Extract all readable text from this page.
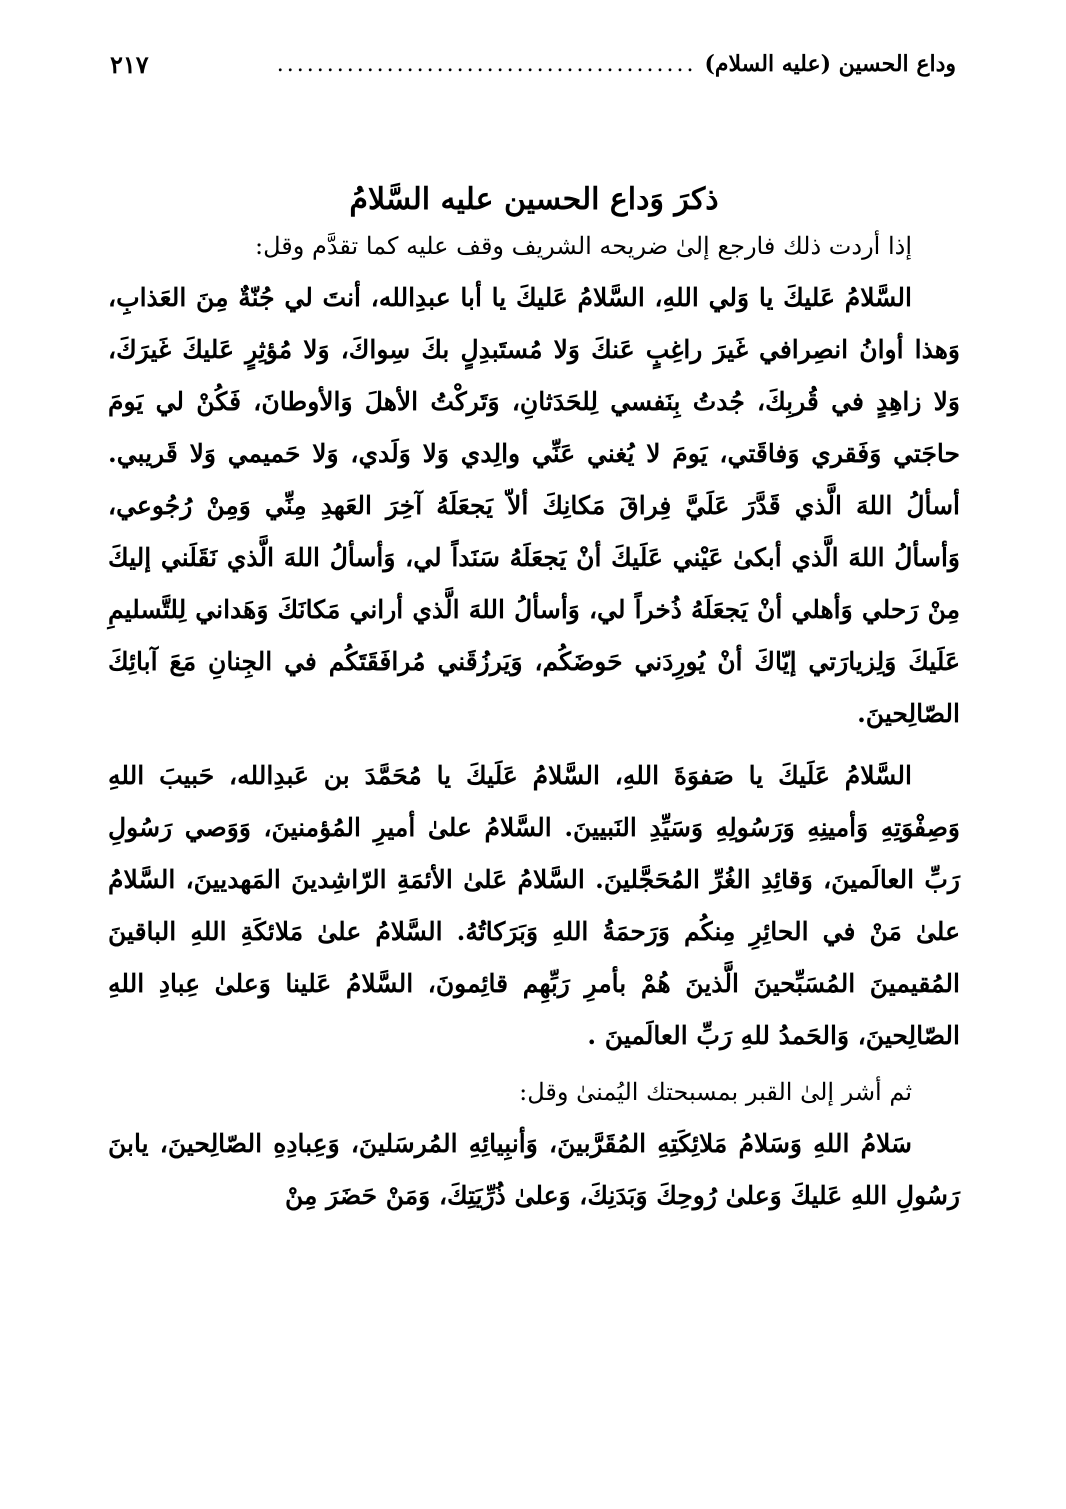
وداع الحسين (عليه السلام)
..........................................
٢١٧
ذكرَ وَداع الحسين عليه السَّلامُ

إذا أردت ذلك فارجع إلىٰ ضريحه الشريف وقف عليه كما تقدَّم وقل:

السَّلامُ عَليكَ يا وَلي اللهِ، السَّلامُ عَليكَ يا أبا عبدِالله، أنتَ لي جُنّةٌ مِنَ العَذابِ، وَهذا أوانُ انصِرافي غَيرَ راغِبٍ عَنكَ وَلا مُستَبدِلٍ بكَ سِواكَ، وَلا مُؤثِرٍ عَليكَ غَيرَكَ، وَلا زاهِدٍ في قُربِكَ، جُدتُ بِنَفسي لِلحَدَثانِ، وَتَركْتُ الأهلَ وَالأوطانَ، فَكُنْ لي يَومَ حاجَتي وَفَقري وَفاقَتي، يَومَ لا يُغني عَنِّي والِدي وَلا وَلَدي، وَلا حَميمي وَلا قَريبي. أسألُ اللهَ الَّذي قَدَّرَ عَلَيَّ فِراقَ مَكانِكَ ألاّ يَجعَلَهُ آخِرَ العَهدِ مِنِّي وَمِنْ رُجُوعي، وَأسألُ اللهَ الَّذي أبكىٰ عَيْني عَلَيكَ أنْ يَجعَلَهُ سَنَداً لي، وَأسألُ اللهَ الَّذي نَقَلَني إليكَ مِنْ رَحلي وَأهلي أنْ يَجعَلَهُ ذُخراً لي، وَأسألُ اللهَ الَّذي أراني مَكانَكَ وَهَداني لِلتَّسليمِ عَلَيكَ وَلِزيارَتي إيّاكَ أنْ يُورِدَني حَوضَكُم، وَيَرزُقَني مُرافَقَتَكُم في الجِنانِ مَعَ آبائِكَ الصّالِحينَ.

السَّلامُ عَلَيكَ يا صَفوَةَ اللهِ، السَّلامُ عَلَيكَ يا مُحَمَّدَ بن عَبدِالله، حَبيبَ اللهِ وَصِفْوَتِهِ وَأمينِهِ وَرَسُولِهِ وَسَيِّدِ النَبيينَ. السَّلامُ علىٰ أميرِ المُؤمنينَ، وَوَصي رَسُولِ رَبِّ العالَمينَ، وَقائِدِ الغُرِّ المُحَجَّلينَ. السَّلامُ عَلىٰ الأئمَةِ الرّاشِدينَ المَهديينَ، السَّلامُ علىٰ مَنْ في الحائِرِ مِنكُم وَرَحمَةُ اللهِ وَبَرَكاتُهُ. السَّلامُ علىٰ مَلائكَةِ اللهِ الباقينَ المُقيمينَ المُسَبِّحينَ الَّذينَ هُمْ بأمرِ رَبِّهِم قائِمونَ، السَّلامُ عَلينا وَعلىٰ عِبادِ اللهِ الصّالِحينَ، وَالحَمدُ للهِ رَبِّ العالَمينَ .

ثم أشر إلىٰ القبر بمسبحتك اليُمنىٰ وقل:

سَلامُ اللهِ وَسَلامُ مَلائِكَتِهِ المُقَرَّبينَ، وَأنبِيائِهِ المُرسَلينَ، وَعِبادِهِ الصّالِحينَ، يابنَ رَسُولِ اللهِ عَليكَ وَعلىٰ رُوحِكَ وَبَدَنِكَ، وَعلىٰ ذُرِّيَتِكَ، وَمَنْ حَضَرَ مِنْ
